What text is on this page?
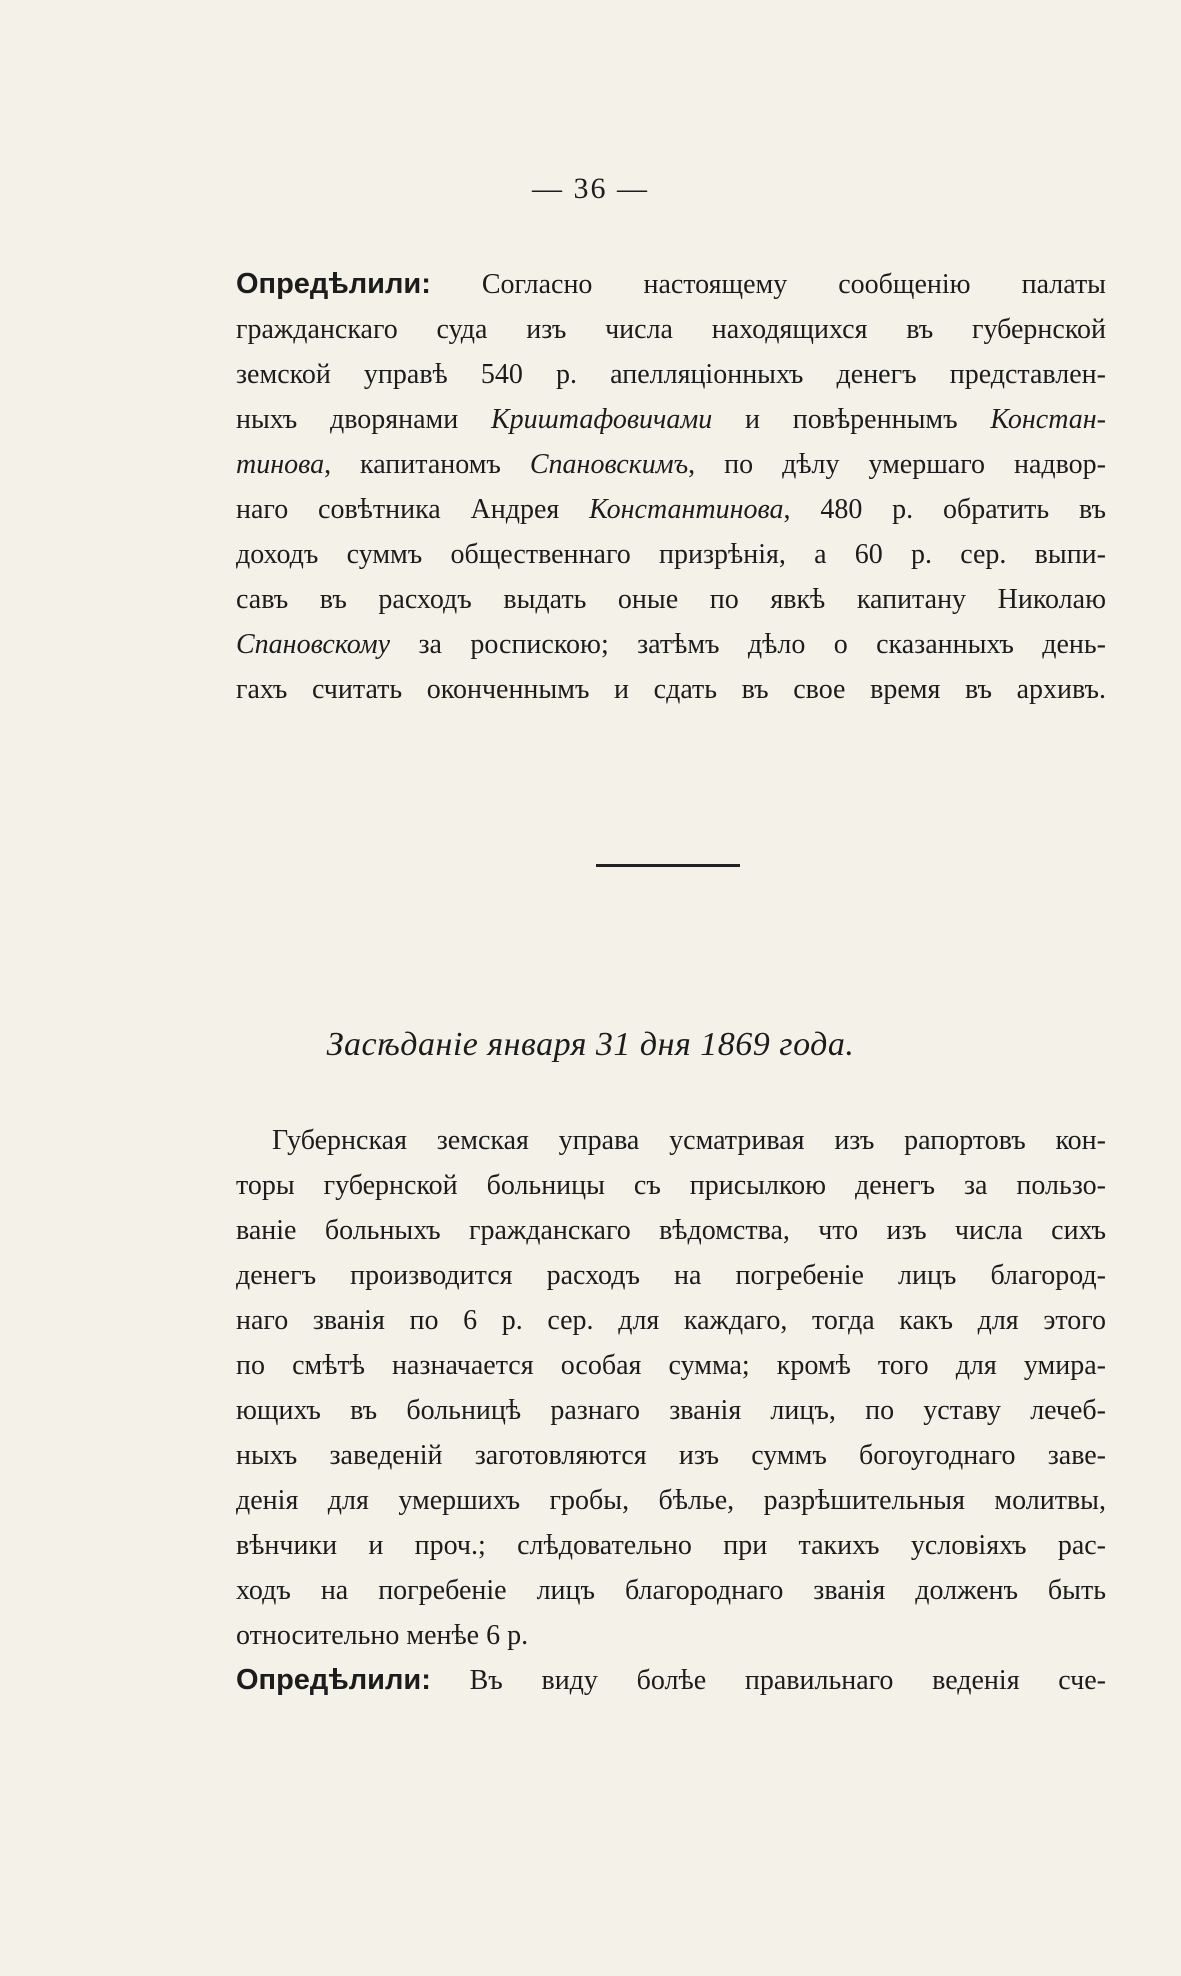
— 36 —
Опредѣлили: Согласно настоящему сообщенію палаты
гражданскаго суда изъ числа находящихся въ губернской
земской управѣ 540 р. апелляціонныхъ денегъ представлен-
ныхъ дворянами Криштафовичами и повѣреннымъ Констан-
тинова, капитаномъ Спановскимъ, по дѣлу умершаго надвор-
наго совѣтника Андрея Константинова, 480 р. обратить въ
доходъ суммъ общественнаго призрѣнія, а 60 р. сер. выпи-
савъ въ расходъ выдать оные по явкѣ капитану Николаю
Спановскому за роспискою; затѣмъ дѣло о сказанныхъ день-
гахъ считать оконченнымъ и сдать въ свое время въ архивъ.
Засѣданіе января 31 дня 1869 года.
Губернская земская управа усматривая изъ рапортовъ кон-
торы губернской больницы съ присылкою денегъ за пользо-
ваніе больныхъ гражданскаго вѣдомства, что изъ числа сихъ
денегъ производится расходъ на погребеніе лицъ благород-
наго званія по 6 р. сер. для каждаго, тогда какъ для этого
по смѣтѣ назначается особая сумма; кромѣ того для умира-
ющихъ въ больницѣ разнаго званія лицъ, по уставу лечеб-
ныхъ заведеній заготовляются изъ суммъ богоугоднаго заве-
денія для умершихъ гробы, бѣлье, разрѣшительныя молитвы,
вѣнчики и проч.; слѣдовательно при такихъ условіяхъ рас-
ходъ на погребеніе лицъ благороднаго званія долженъ быть
относительно менѣе 6 р.
Опредѣлили: Въ виду болѣе правильнаго веденія сче-
